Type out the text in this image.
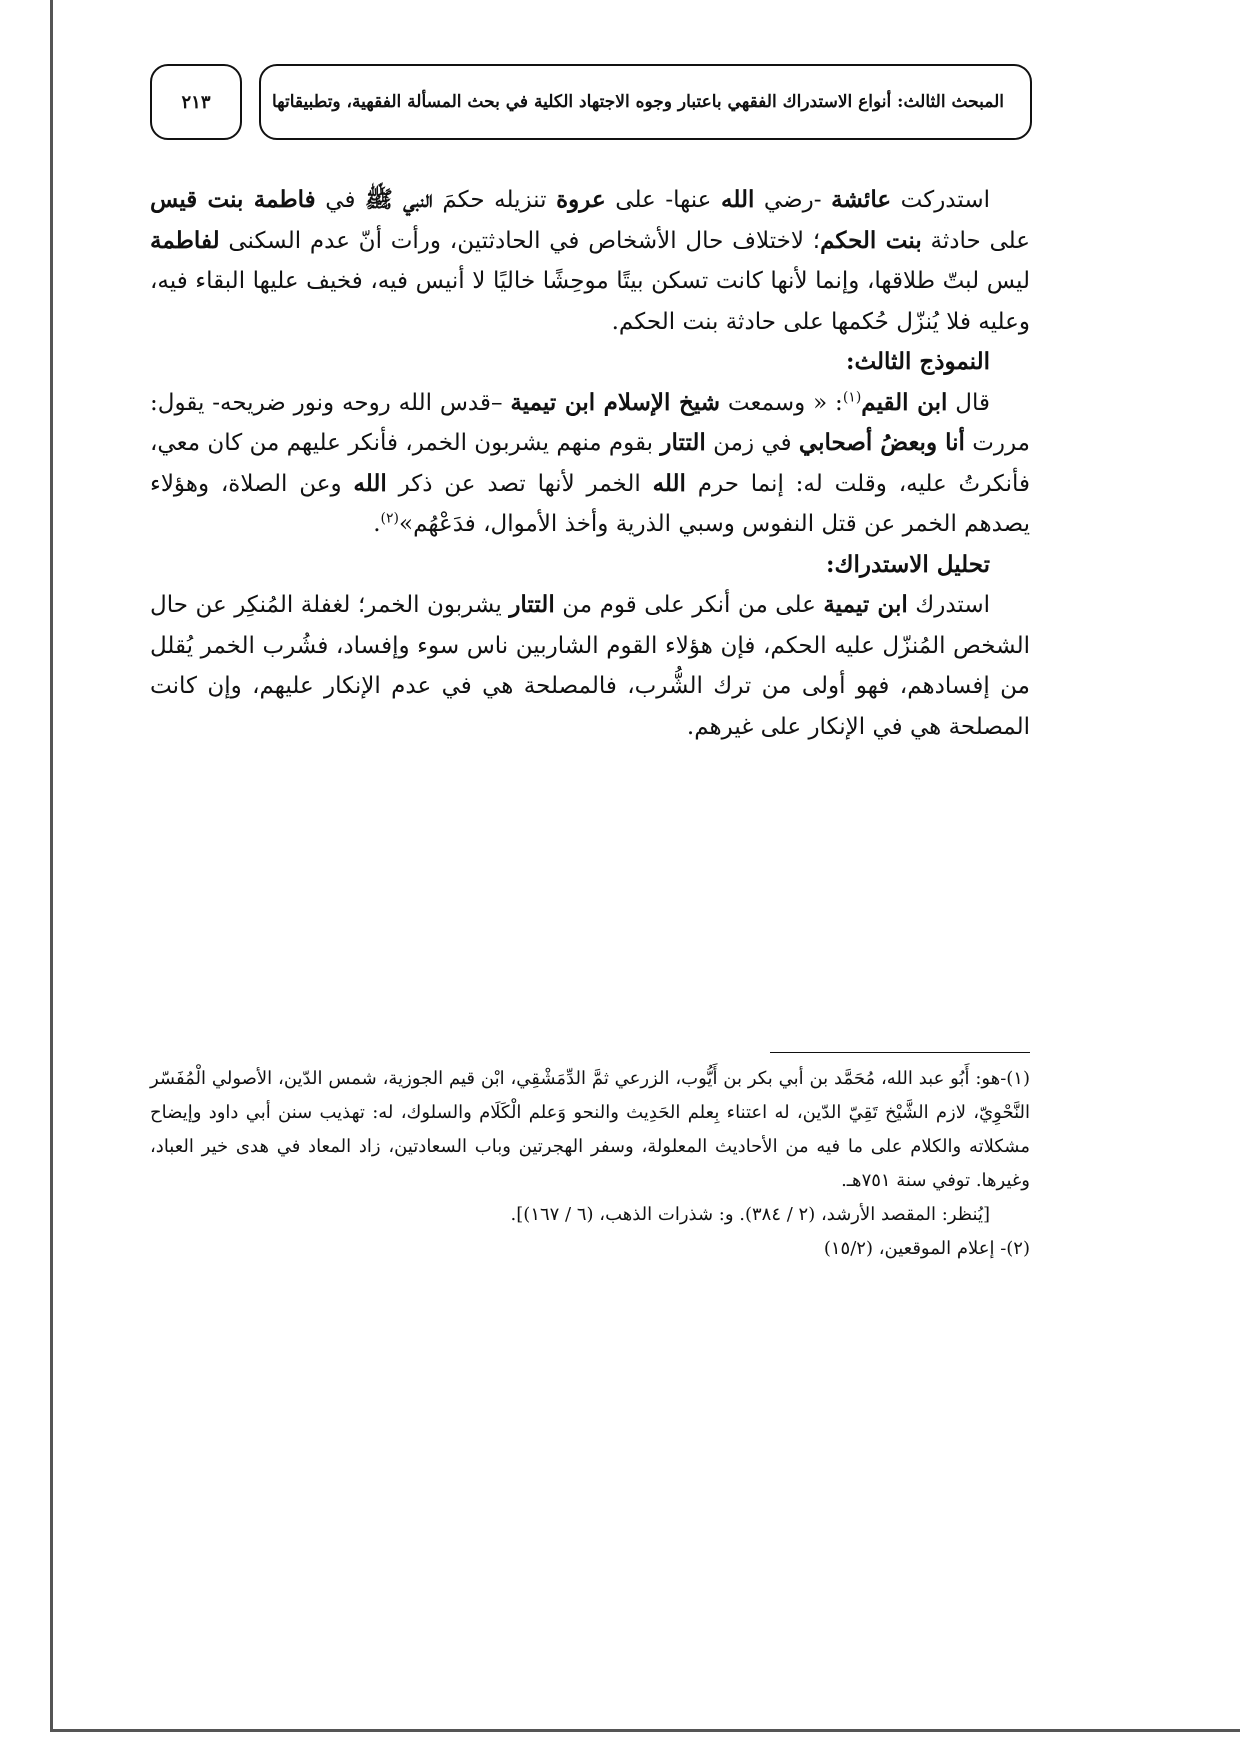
المبحث الثالث: أنواع الاستدراك الفقهي باعتبار وجوه الاجتهاد الكلية في بحث المسألة الفقهية، وتطبيقاتها
٢١٣

استدركت عائشة -رضي الله عنها- على عروة تنزيله حكمَ النبي ﷺ في فاطمة بنت قيس على حادثة بنت الحكم؛ لاختلاف حال الأشخاص في الحادثتين، ورأت أنّ عدم السكنى لفاطمة ليس لبتّ طلاقها، وإنما لأنها كانت تسكن بيتًا موحِشًا خاليًا لا أنيس فيه، فخيف عليها البقاء فيه، وعليه فلا يُنزّل حُكمها على حادثة بنت الحكم.

النموذج الثالث:

قال ابن القيم$^{(١)}$: « وسمعت شيخ الإسلام ابن تيمية –قدس الله روحه ونور ضريحه- يقول: مررت أنا وبعضُ أصحابي في زمن التتار بقوم منهم يشربون الخمر، فأنكر عليهم من كان معي، فأنكرتُ عليه، وقلت له: إنما حرم الله الخمر لأنها تصد عن ذكر الله وعن الصلاة، وهؤلاء يصدهم الخمر عن قتل النفوس وسبي الذرية وأخذ الأموال، فدَعْهُم»$^{(٢)}$.

تحليل الاستدراك:

استدرك ابن تيمية على من أنكر على قوم من التتار يشربون الخمر؛ لغفلة المُنكِر عن حال الشخص المُنزّل عليه الحكم، فإن هؤلاء القوم الشاربين ناس سوء وإفساد، فشُرب الخمر يُقلل من إفسادهم، فهو أولى من ترك الشُّرب، فالمصلحة هي في عدم الإنكار عليهم، وإن كانت المصلحة هي في الإنكار على غيرهم.

(١)-هو: أَبُو عبد الله، مُحَمَّد بن أبي بكر بن أَيُّوب، الزرعي ثمَّ الدِّمَشْقِي، ابْن قيم الجوزية، شمس الدّين، الأصولي الْمُفَسّر النَّحْوِيّ، لازم الشَّيْخ تَقِيّ الدّين، له اعتناء بِعلم الحَدِيث والنحو وَعلم الْكَلَام والسلوك، له: تهذيب سنن أبي داود وإيضاح مشكلاته والكلام على ما فيه من الأحاديث المعلولة، وسفر الهجرتين وباب السعادتين، زاد المعاد في هدى خير العباد، وغيرها. توفي سنة ٧٥١هـ.

[يُنظر: المقصد الأرشد، (٢ / ٣٨٤). و: شذرات الذهب، (٦ / ١٦٧)].

(٢)- إعلام الموقعين، (١٥/٢)
